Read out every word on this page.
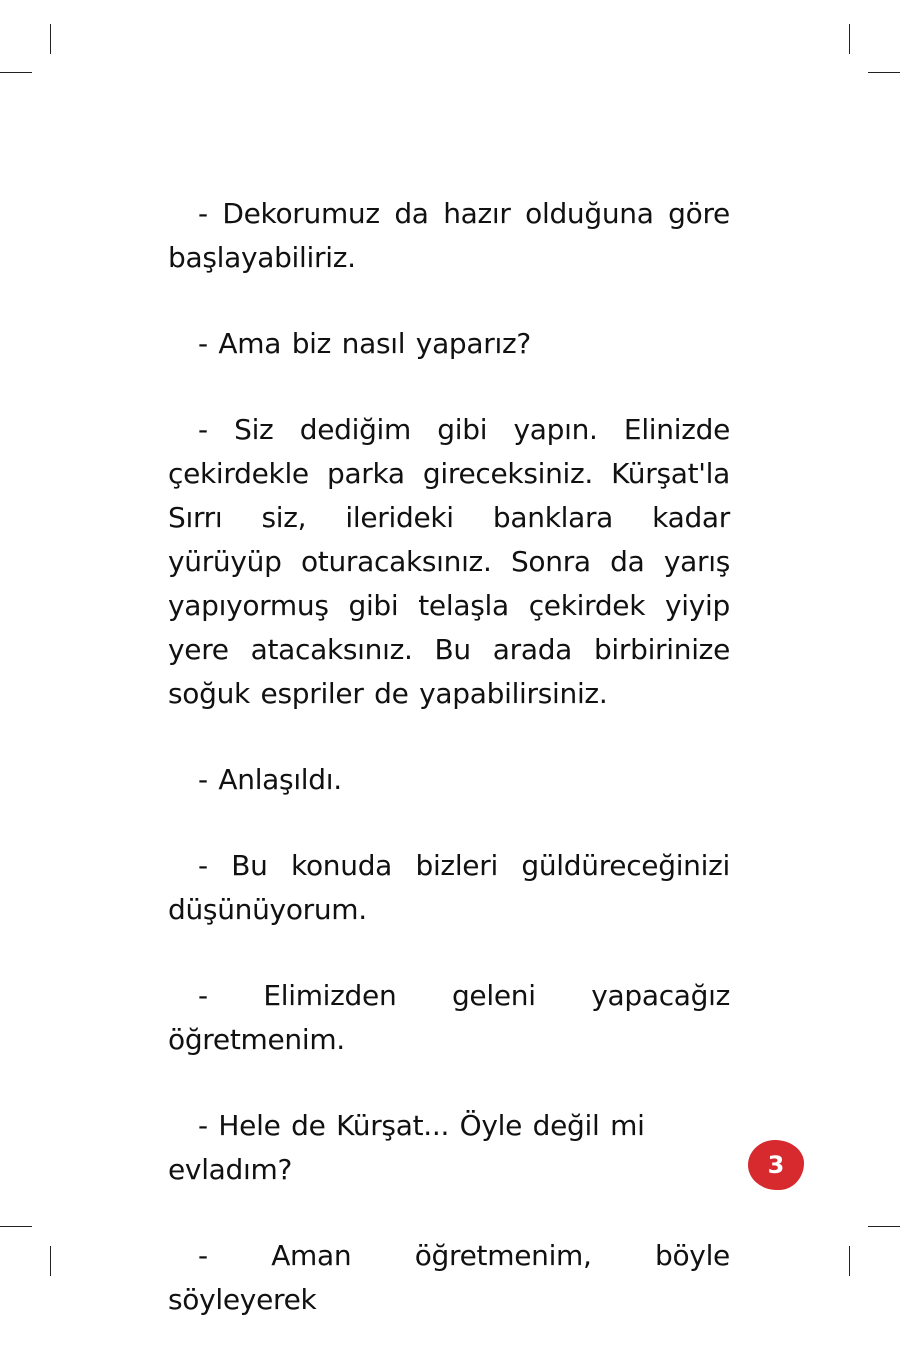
- Dekorumuz da hazır olduğuna göre başlayabiliriz.

- Ama biz nasıl yaparız?

- Siz dediğim gibi yapın. Elinizde çekirdekle parka gireceksiniz. Kürşat'la Sırrı siz, ilerideki banklara kadar yürüyüp oturacaksınız. Sonra da yarış yapıyormuş gibi telaşla çekirdek yiyip yere atacaksınız. Bu arada birbirinize soğuk espriler de yapabilirsiniz.

- Anlaşıldı.

- Bu konuda bizleri güldüreceğinizi düşünüyorum.

- Elimizden geleni yapacağız öğretmenim.

- Hele de Kürşat... Öyle değil mi evladım?

- Aman öğretmenim, böyle söyleyerek

3
